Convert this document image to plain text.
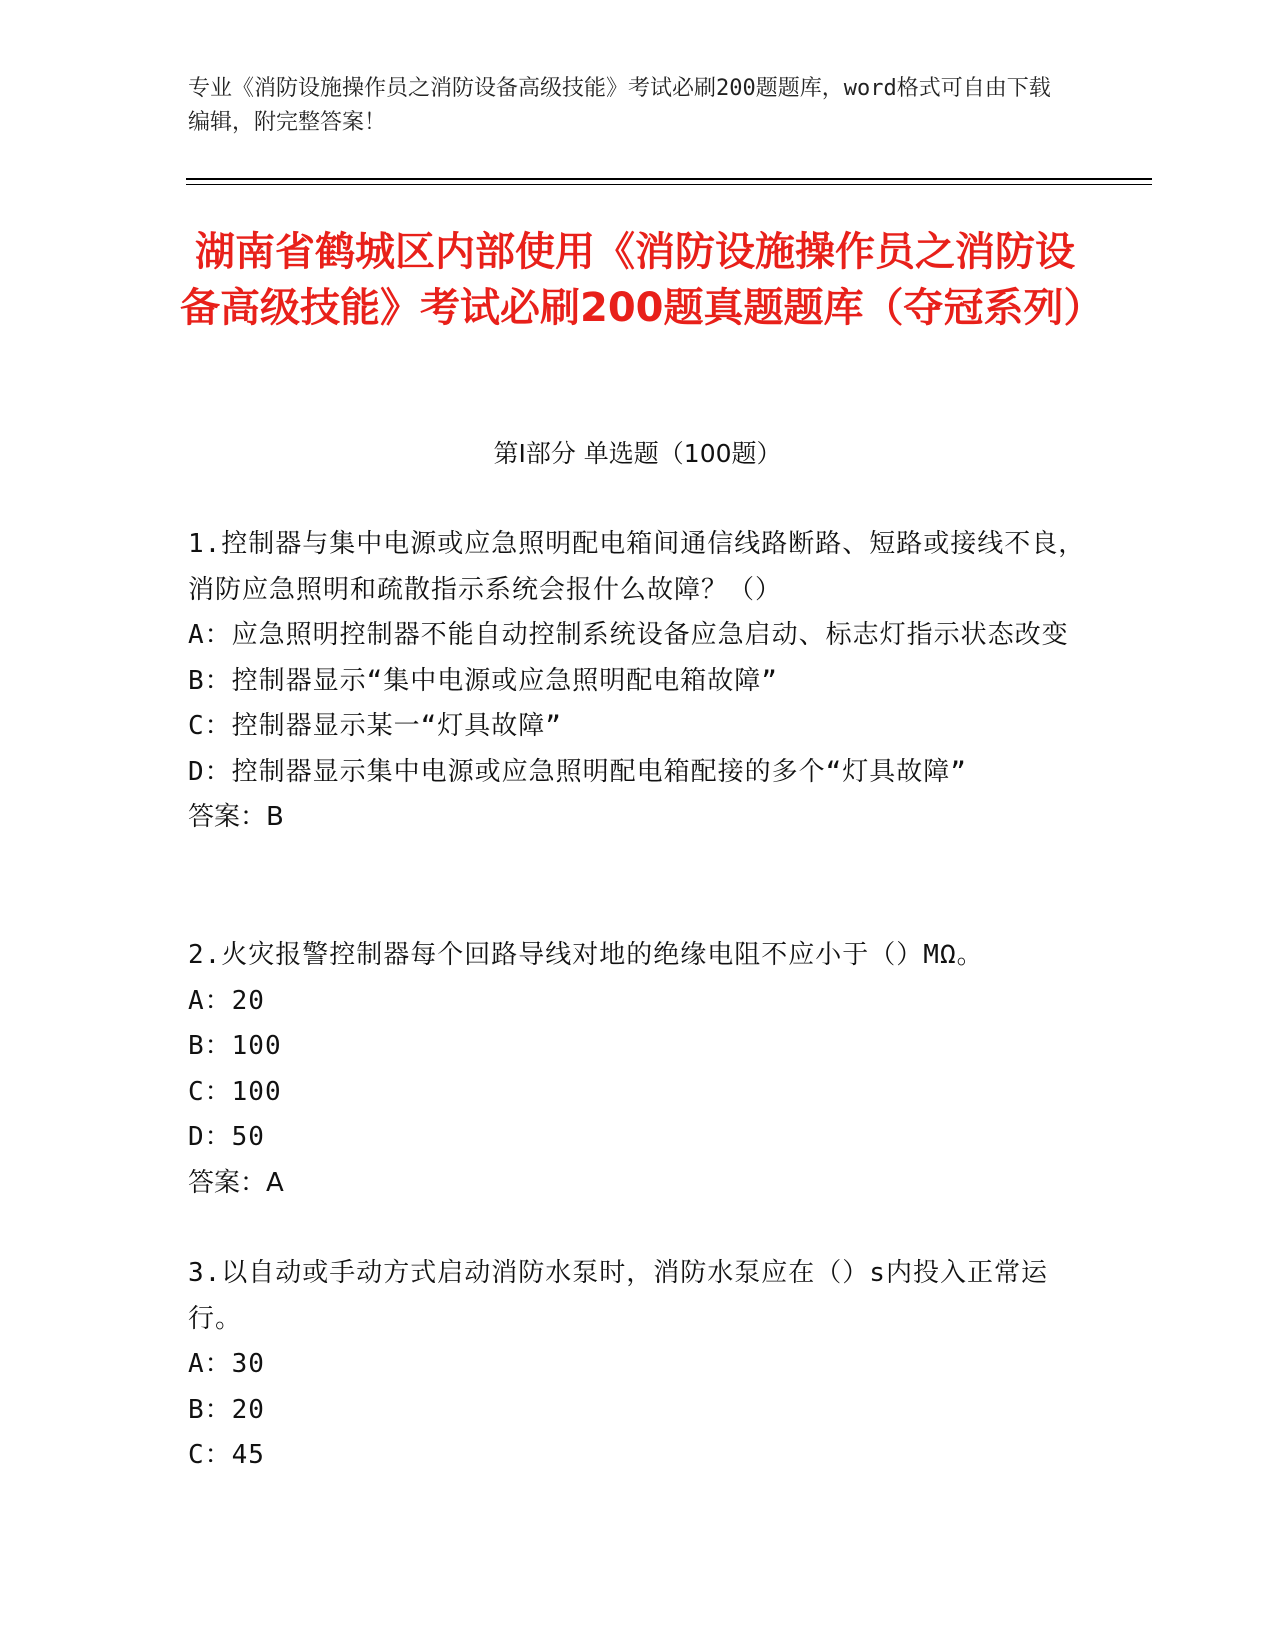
专业《消防设施操作员之消防设备高级技能》考试必刷200题题库，word格式可自由下载编辑，附完整答案！
湖南省鹤城区内部使用《消防设施操作员之消防设备高级技能》考试必刷200题真题题库（夺冠系列）
第I部分 单选题（100题）
1.控制器与集中电源或应急照明配电箱间通信线路断路、短路或接线不良，消防应急照明和疏散指示系统会报什么故障？（）
A：应急照明控制器不能自动控制系统设备应急启动、标志灯指示状态改变
B：控制器显示“集中电源或应急照明配电箱故障”
C：控制器显示某一“灯具故障”
D：控制器显示集中电源或应急照明配电箱配接的多个“灯具故障”
答案：B
2.火灾报警控制器每个回路导线对地的绝缘电阻不应小于（）MΩ。
A：20
B：100
C：100
D：50
答案：A
3.以自动或手动方式启动消防水泵时，消防水泵应在（）s内投入正常运行。
A：30
B：20
C：45
